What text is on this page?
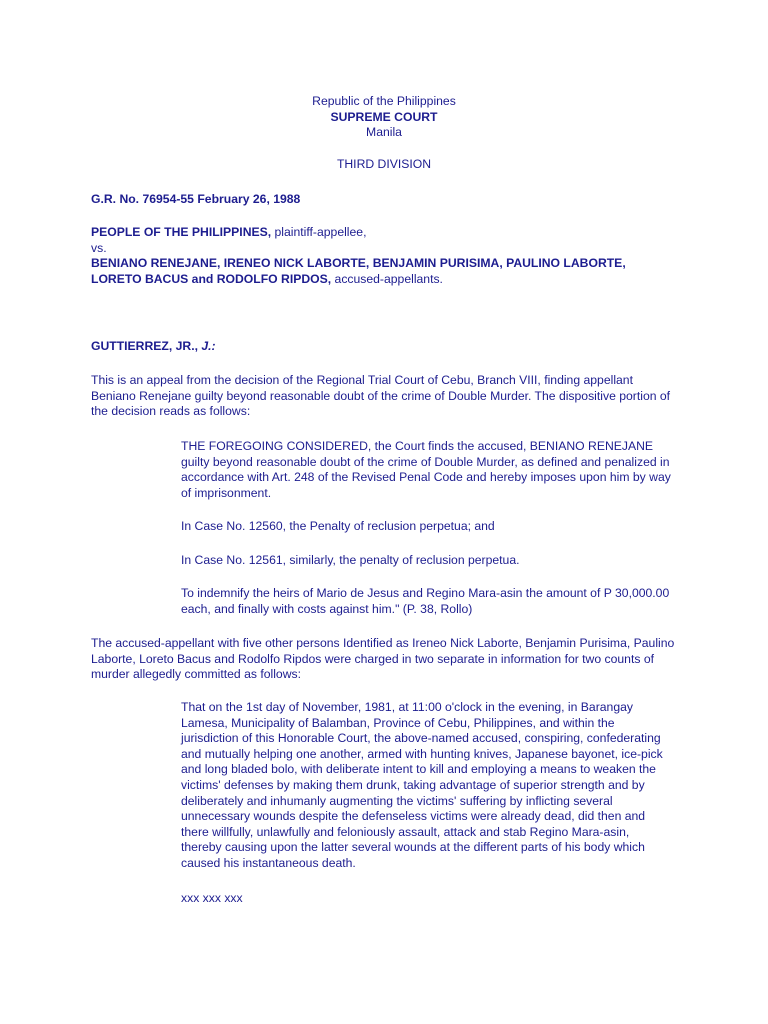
Republic of the Philippines
SUPREME COURT
Manila
THIRD DIVISION

G.R. No. 76954-55 February 26, 1988

PEOPLE OF THE PHILIPPINES, plaintiff-appellee,
vs.
BENIANO RENEJANE, IRENEO NICK LABORTE, BENJAMIN PURISIMA, PAULINO LABORTE,
LORETO BACUS and RODOLFO RIPDOS, accused-appellants.

GUTTIERREZ, JR., J.:

This is an appeal from the decision of the Regional Trial Court of Cebu, Branch VIII, finding appellant Beniano Renejane guilty beyond reasonable doubt of the crime of Double Murder. The dispositive portion of the decision reads as follows:

THE FOREGOING CONSIDERED, the Court finds the accused, BENIANO RENEJANE guilty beyond reasonable doubt of the crime of Double Murder, as defined and penalized in accordance with Art. 248 of the Revised Penal Code and hereby imposes upon him by way of imprisonment.

In Case No. 12560, the Penalty of reclusion perpetua; and

In Case No. 12561, similarly, the penalty of reclusion perpetua.

To indemnify the heirs of Mario de Jesus and Regino Mara-asin the amount of P 30,000.00 each, and finally with costs against him." (P. 38, Rollo)

The accused-appellant with five other persons Identified as Ireneo Nick Laborte, Benjamin Purisima, Paulino Laborte, Loreto Bacus and Rodolfo Ripdos were charged in two separate in information for two counts of murder allegedly committed as follows:

That on the 1st day of November, 1981, at 11:00 o'clock in the evening, in Barangay Lamesa, Municipality of Balamban, Province of Cebu, Philippines, and within the jurisdiction of this Honorable Court, the above-named accused, conspiring, confederating and mutually helping one another, armed with hunting knives, Japanese bayonet, ice-pick and long bladed bolo, with deliberate intent to kill and employing a means to weaken the victims' defenses by making them drunk, taking advantage of superior strength and by deliberately and inhumanly augmenting the victims' suffering by inflicting several unnecessary wounds despite the defenseless victims were already dead, did then and there willfully, unlawfully and feloniously assault, attack and stab Regino Mara-asin, thereby causing upon the latter several wounds at the different parts of his body which caused his instantaneous death.

xxx xxx xxx
